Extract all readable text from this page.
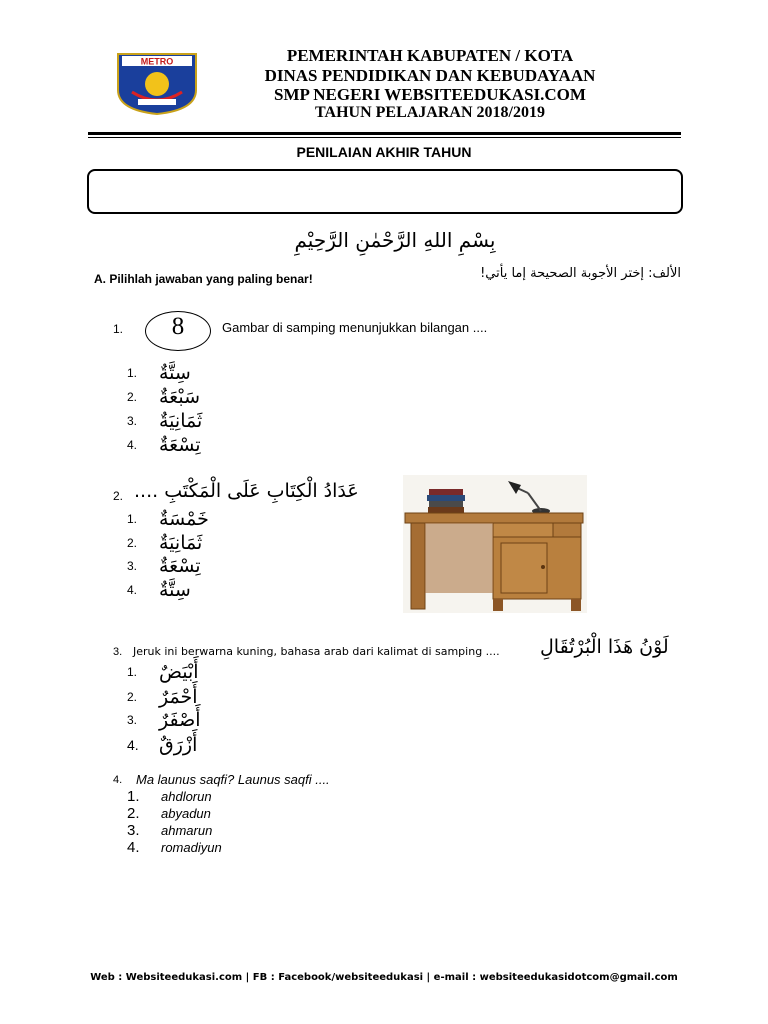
METRO	PEMERINTAH KABUPATEN / KOTA
DINAS PENDIDIKAN DAN KEBUDAYAAN
SMP NEGERI WEBSITEEDUKASI.COM
TAHUN PELAJARAN 2018/2019
PENILAIAN AKHIR TAHUN
بِسْمِ اللهِ الرَّحْمٰنِ الرَّحِيْمِ
A. Pilihlah jawaban yang paling benar!	الألف: إختر الأجوبة الصحيحة إما يأتي!
1.	8	Gambar di samping menunjukkan bilangan ....
1.	سِتَّةٌ
2.	سَبْعَةٌ
3.	ثَمَانِيَةٌ
4.	تِسْعَةٌ
2. عَدَادُ الْكِتَابِ عَلَى الْمَكْتَبِ ....
1.	خَمْسَةٌ
2.	ثَمَانِيَةٌ
3.	تِسْعَةٌ
4.	سِتَّةٌ
3. Jeruk ini berwarna kuning, bahasa arab dari kalimat di samping .... لَوْنُ هَذَا الْبُرْتُقَالِ
1.	أَبْيَضٌ
2.	أَحْمَرٌ
3.	أَصْفَرٌ
4.	أَزْرَقٌ
4. Ma launus saqfi? Launus saqfi ....
1.	ahdlorun
2.	abyadun
3.	ahmarun
4.	romadiyun
Web : Websiteedukasi.com | FB : Facebook/websiteedukasi | e-mail : websiteedukasidotcom@gmail.com
